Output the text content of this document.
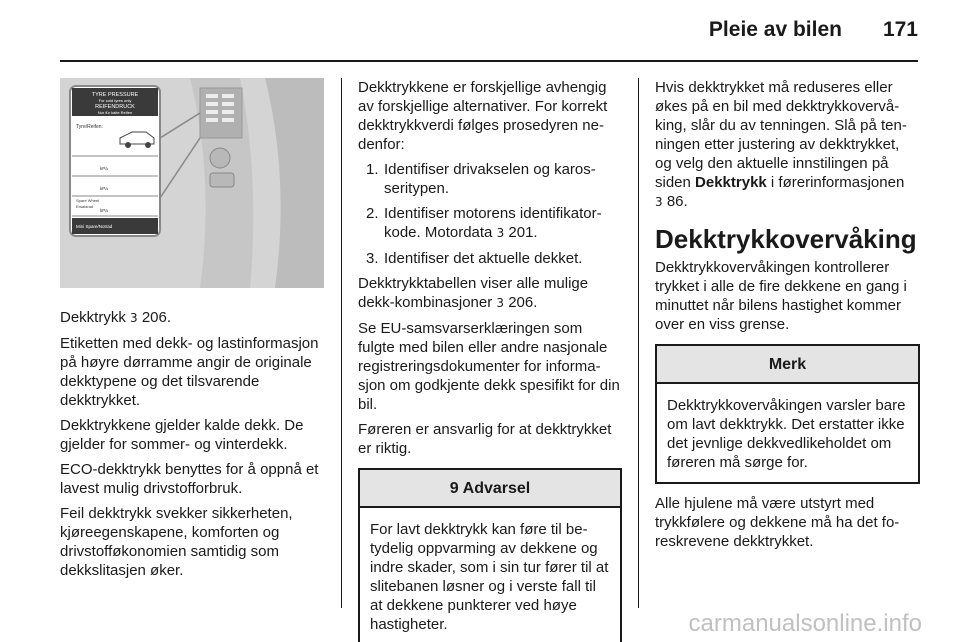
Pleie av bilen 171
TYRE PRESSURE
For cold tyres only
REIFENDRUCK
Nur für kalte Reifen
Tyre/Reifen:
kPa
kPa
Spare Wheel
Ersatzrad
kPa
Mini Spare/Notrad

Dekktrykk 3 206.

Etiketten med dekk- og lastinformasjon på høyre dørramme angir de originale dekktypene og det tilsvarende dekktrykket.

Dekktrykkene gjelder kalde dekk. De gjelder for sommer- og vinterdekk.

ECO-dekktrykk benyttes for å oppnå et lavest mulig drivstofforbruk.

Feil dekktrykk svekker sikkerheten, kjøreegenskapene, komforten og drivstofføkonomien samtidig som dekkslitasjen øker.

Dekktrykkene er forskjellige avhengig av forskjellige alternativer. For korrekt dekktrykkverdi følges prosedyren nedenfor:

1. Identifiser drivakselen og karosseritypen.
2. Identifiser motorens identifikatorkode. Motordata 3 201.
3. Identifiser det aktuelle dekket.

Dekktrykktabellen viser alle mulige dekk-kombinasjoner 3 206.

Se EU-samsvarserklæringen som fulgte med bilen eller andre nasjonale registreringsdokumenter for informasjon om godkjente dekk spesifikt for din bil.

Føreren er ansvarlig for at dekktrykket er riktig.

9 Advarsel
For lavt dekktrykk kan føre til betydelig oppvarming av dekkene og indre skader, som i sin tur fører til at slitebanen løsner og i verste fall til at dekkene punkterer ved høye hastigheter.

Hvis dekktrykket må reduseres eller økes på en bil med dekktrykkovervåking, slår du av tenningen. Slå på tenningen etter justering av dekktrykket, og velg den aktuelle innstilingen på siden Dekktrykk i førerinformasjonen
3 86.

Dekktrykkovervåking

Dekktrykkovervåkingen kontrollerer trykket i alle de fire dekkene en gang i minuttet når bilens hastighet kommer over en viss grense.

Merk
Dekktrykkovervåkingen varsler bare om lavt dekktrykk. Det erstatter ikke det jevnlige dekkvedlikeholdet om føreren må sørge for.

Alle hjulene må være utstyrt med trykkfølere og dekkene må ha det foreskrevene dekktrykket.

carmanualsonline.info
